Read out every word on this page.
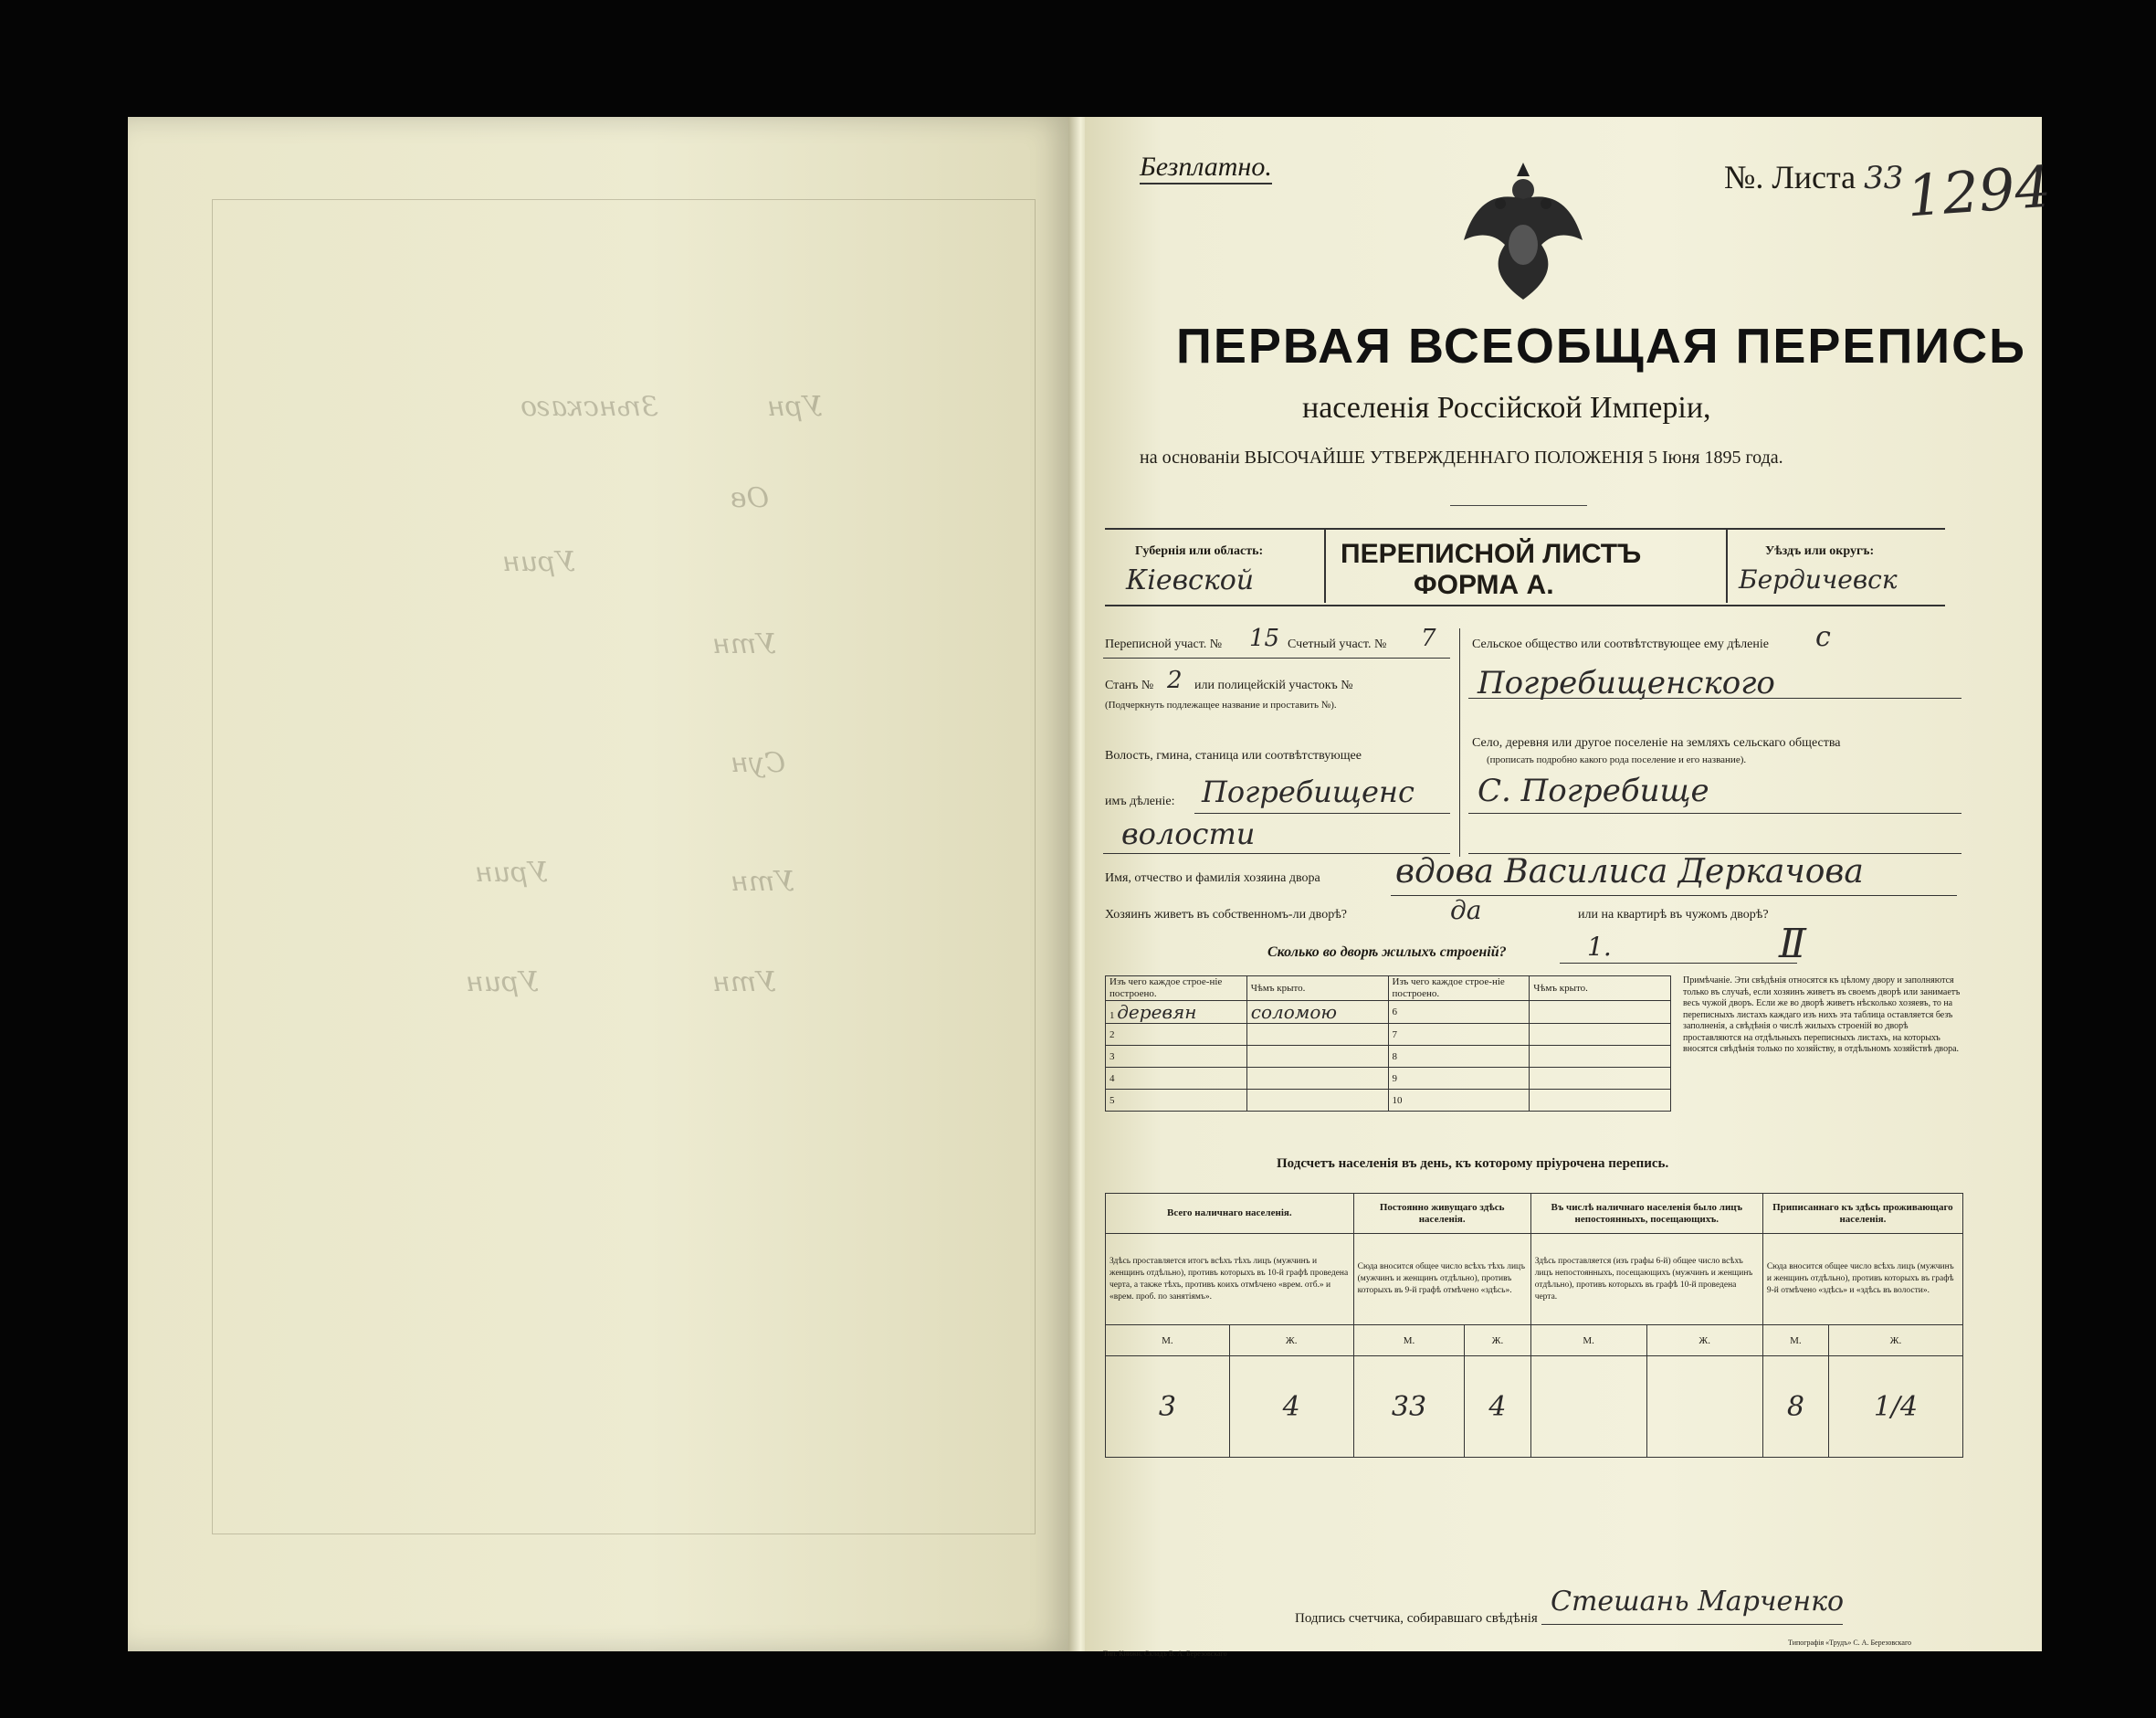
Зѣнскаго	Урн
Ов
Урин
Утн
Сун
Урин	Утн
Урин	Утн
Безплатно.	№. Листа 33 1294
ПЕРВАЯ ВСЕОБЩАЯ ПЕРЕПИСЬ
населенія Россійской Имперіи,
на основаніи ВЫСОЧАЙШЕ УТВЕРЖДЕННАГО ПОЛОЖЕНІЯ 5 Іюня 1895 года.
Губернія или область:
Кіевской
ПЕРЕПИСНОЙ ЛИСТЪ
ФОРМА А.
Уѣздъ или округъ:
Бердичевск
Переписной участ. № 15 Счетный участ. № 7
Станъ № 2 или полицейскій участокъ №
(Подчеркнуть подлежащее название и проставить №).
Волость, гмина, станица или соотвѣтствующее
имъ дѣленіе: Погребищенс
волости
Сельское общество или соотвѣтствующее ему дѣленіе с
Погребищенского
Село, деревня или другое поселеніе на земляхъ сельскаго общества
(прописать подробно какого рода поселение и его название).
С. Погребище
Имя, отчество и фамилія хозяина двора вдова Василиса Деркачова
Хозяинъ живетъ въ собственномъ-ли дворѣ?	да	или на квартирѣ въ чужомъ дворѣ?
Сколько во дворѣ жилыхъ строеній?	1.	Ⅱ
Изъ чего каждое строе-ніе построено.	Чѣмъ крыто.	Изъ чего каждое строе-ніе построено.	Чѣмъ крыто.
1 деревян	соломою	6	
2		7	
3		8	
4		9	
5		10	
Примѣчаніе. Эти свѣдѣнія относятся къ цѣлому двору и заполняются только въ случаѣ, если хозяинъ живетъ въ своемъ дворѣ или занимаетъ весь чужой дворъ. Если же во дворѣ живетъ нѣсколько хозяевъ, то на переписныхъ листахъ каждаго изъ нихъ эта таблица оставляется безъ заполненія, а свѣдѣнія о числѣ жилыхъ строеній во дворѣ проставляются на отдѣльныхъ переписныхъ листахъ, на которыхъ вносятся свѣдѣнія только по хозяйству, в отдѣльномъ хозяйствѣ двора.
Подсчетъ населенія въ день, къ которому пріурочена перепись.
Всего наличнаго населенія.		Постоянно живущаго здѣсь населенія.		Въ числѣ наличнаго населенія было лицъ непостоянныхъ, посещающихъ.		Приписаннаго къ здѣсь проживающаго населенія.	
Здѣсь проставляется итогъ всѣхъ тѣхъ лицъ (мужчинъ и женщинъ отдѣльно), противъ которыхъ въ 10-й графѣ проведена черта, а также тѣхъ, противъ коихъ отмѣчено «врем. отб.» и «врем. проб. по занятіямъ».		Сюда вносится общее число всѣхъ тѣхъ лицъ (мужчинъ и женщинъ отдѣльно), противъ которыхъ въ 9-й графѣ отмѣчено «здѣсь».		Здѣсь проставляется (изъ графы 6-й) общее число всѣхъ лицъ непостоянныхъ, посещающихъ (мужчинъ и женщинъ отдѣльно), противъ которыхъ въ графѣ 10-й проведена черта.		Сюда вносится общее число всѣхъ лицъ (мужчинъ и женщинъ отдѣльно), противъ которыхъ въ графѣ 9-й отмѣчено «здѣсь» и «здѣсь въ волости».	
М.	Ж.	М.	Ж.	М.	Ж.	М.	Ж.
3	4	33	4			8	1/4
Подпись счетчика, собиравшаго свѣдѣнія
Стешань Марченко
Тип. Книжн. Складъ В. А. Березовскаго
Типографія «Трудъ» С. А. Березовскаго
